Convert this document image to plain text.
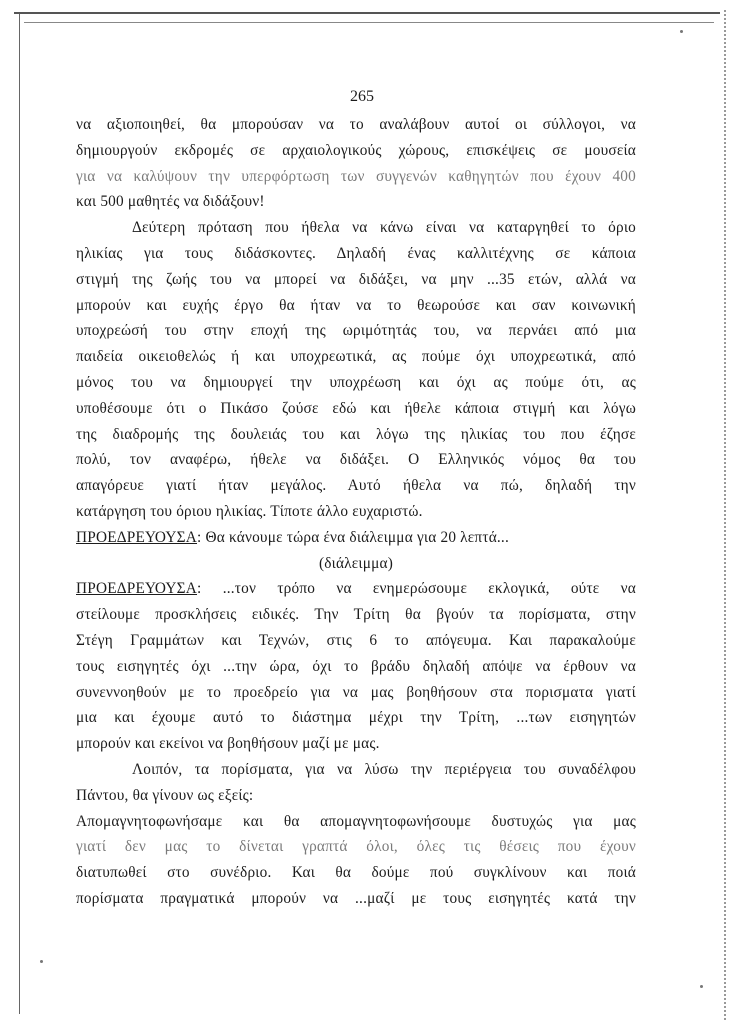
265
να αξιοποιηθεί, θα μπορούσαν να το αναλάβουν αυτοί οι σύλλογοι, να
δημιουργούν εκδρομές σε αρχαιολογικούς χώρους, επισκέψεις σε μουσεία
για να καλύψουν την υπερφόρτωση των συγγενών καθηγητών που έχουν 400
και 500 μαθητές να διδάξουν!
Δεύτερη πρόταση που ήθελα να κάνω είναι να καταργηθεί το όριο
ηλικίας για τους διδάσκοντες. Δηλαδή ένας καλλιτέχνης σε κάποια
στιγμή της ζωής του να μπορεί να διδάξει, να μην ...35 ετών, αλλά να
μπορούν και ευχής έργο θα ήταν να το θεωρούσε και σαν κοινωνική
υποχρεώσή του στην εποχή της ωριμότητάς του, να περνάει από μια
παιδεία οικειοθελώς ή και υποχρεωτικά, ας πούμε όχι υποχρεωτικά, από
μόνος του να δημιουργεί την υποχρέωση και όχι ας πούμε ότι, ας
υποθέσουμε ότι ο Πικάσο ζούσε εδώ και ήθελε κάποια στιγμή και λόγω
της διαδρομής της δουλειάς του και λόγω της ηλικίας του που έζησε
πολύ, τον αναφέρω, ήθελε να διδάξει. Ο Ελληνικός νόμος θα του
απαγόρευε γιατί ήταν μεγάλος. Αυτό ήθελα να πώ, δηλαδή την
κατάργηση του όριου ηλικίας. Τίποτε άλλο ευχαριστώ.
ΠΡΟΕΔΡΕΥΟΥΣΑ: Θα κάνουμε τώρα ένα διάλειμμα για 20 λεπτά...
(διάλειμμα)
ΠΡΟΕΔΡΕΥΟΥΣΑ: ...τον τρόπο να ενημερώσουμε εκλογικά, ούτε να
στείλουμε προσκλήσεις ειδικές. Την Τρίτη θα βγούν τα πορίσματα, στην
Στέγη Γραμμάτων και Τεχνών, στις 6 το απόγευμα. Και παρακαλούμε
τους εισηγητές όχι ...την ώρα, όχι το βράδυ δηλαδή απόψε να έρθουν να
συνεννοηθούν με το προεδρείο για να μας βοηθήσουν στα πορισματα γιατί
μια και έχουμε αυτό το διάστημα μέχρι την Τρίτη, ...των εισηγητών
μπορούν και εκείνοι να βοηθήσουν μαζί με μας.
Λοιπόν, τα πορίσματα, για να λύσω την περιέργεια του συναδέλφου
Πάντου, θα γίνουν ως εξείς:
Απομαγνητοφωνήσαμε και θα απομαγνητοφωνήσουμε δυστυχώς για μας
γιατί δεν μας το δίνεται γραπτά όλοι, όλες τις θέσεις που έχουν
διατυπωθεί στο συνέδριο. Και θα δούμε πού συγκλίνουν και ποιά
πορίσματα πραγματικά μπορούν να ...μαζί με τους εισηγητές κατά την
